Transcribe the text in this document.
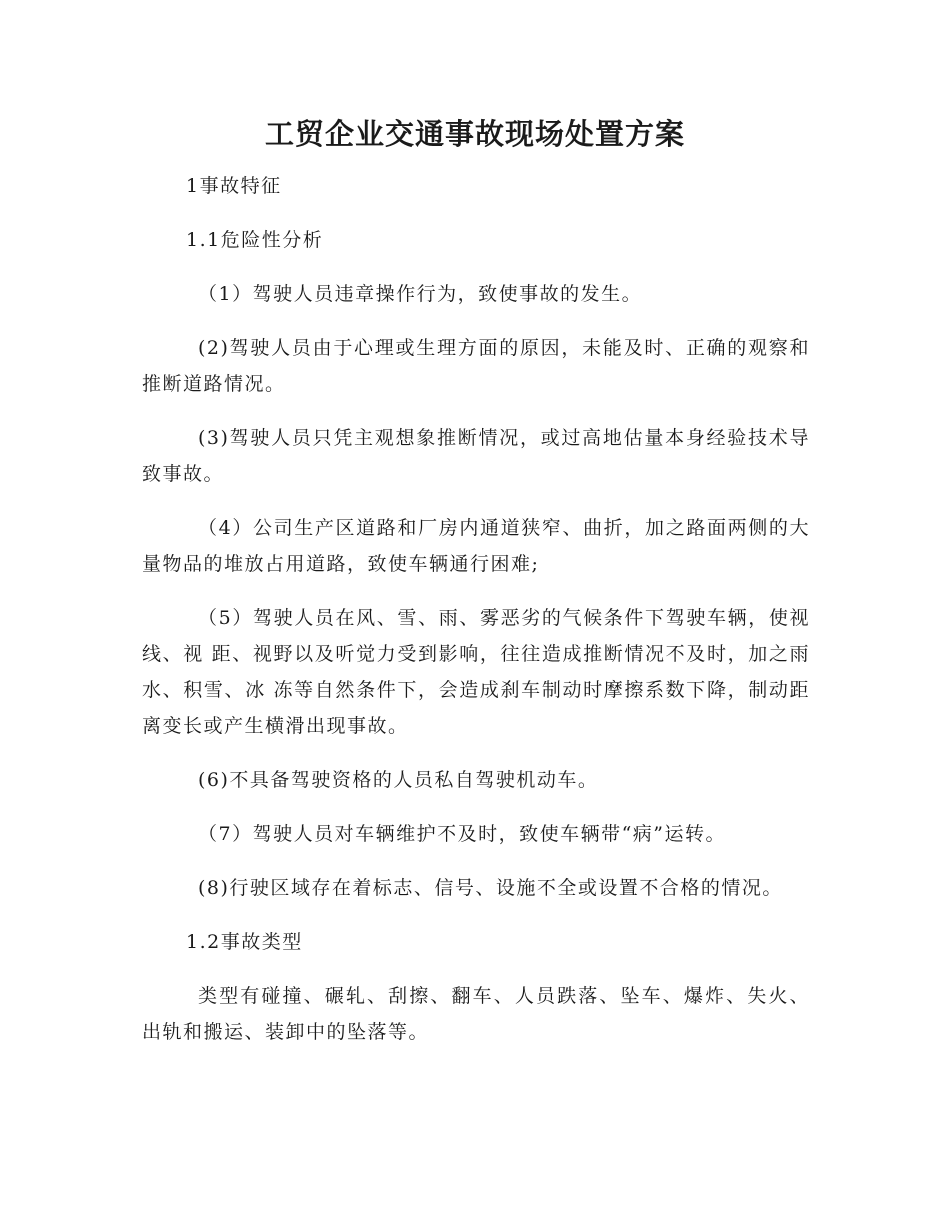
工贸企业交通事故现场处置方案

1事故特征

1.1危险性分析

（1）驾驶人员违章操作行为，致使事故的发生。

(2)驾驶人员由于心理或生理方面的原因，未能及时、正确的观察和推断道路情况。

(3)驾驶人员只凭主观想象推断情况，或过高地估量本身经验技术导致事故。

（4）公司生产区道路和厂房内通道狭窄、曲折，加之路面两侧的大量物品的堆放占用道路，致使车辆通行困难;

（5）驾驶人员在风、雪、雨、雾恶劣的气候条件下驾驶车辆，使视线、视 距、视野以及听觉力受到影响，往往造成推断情况不及时，加之雨水、积雪、冰 冻等自然条件下，会造成刹车制动时摩擦系数下降，制动距离变长或产生横滑出现事故。

(6)不具备驾驶资格的人员私自驾驶机动车。

（7）驾驶人员对车辆维护不及时，致使车辆带“病”运转。

(8)行驶区域存在着标志、信号、设施不全或设置不合格的情况。

1.2事故类型

类型有碰撞、碾轧、刮擦、翻车、人员跌落、坠车、爆炸、失火、出轨和搬运、装卸中的坠落等。
